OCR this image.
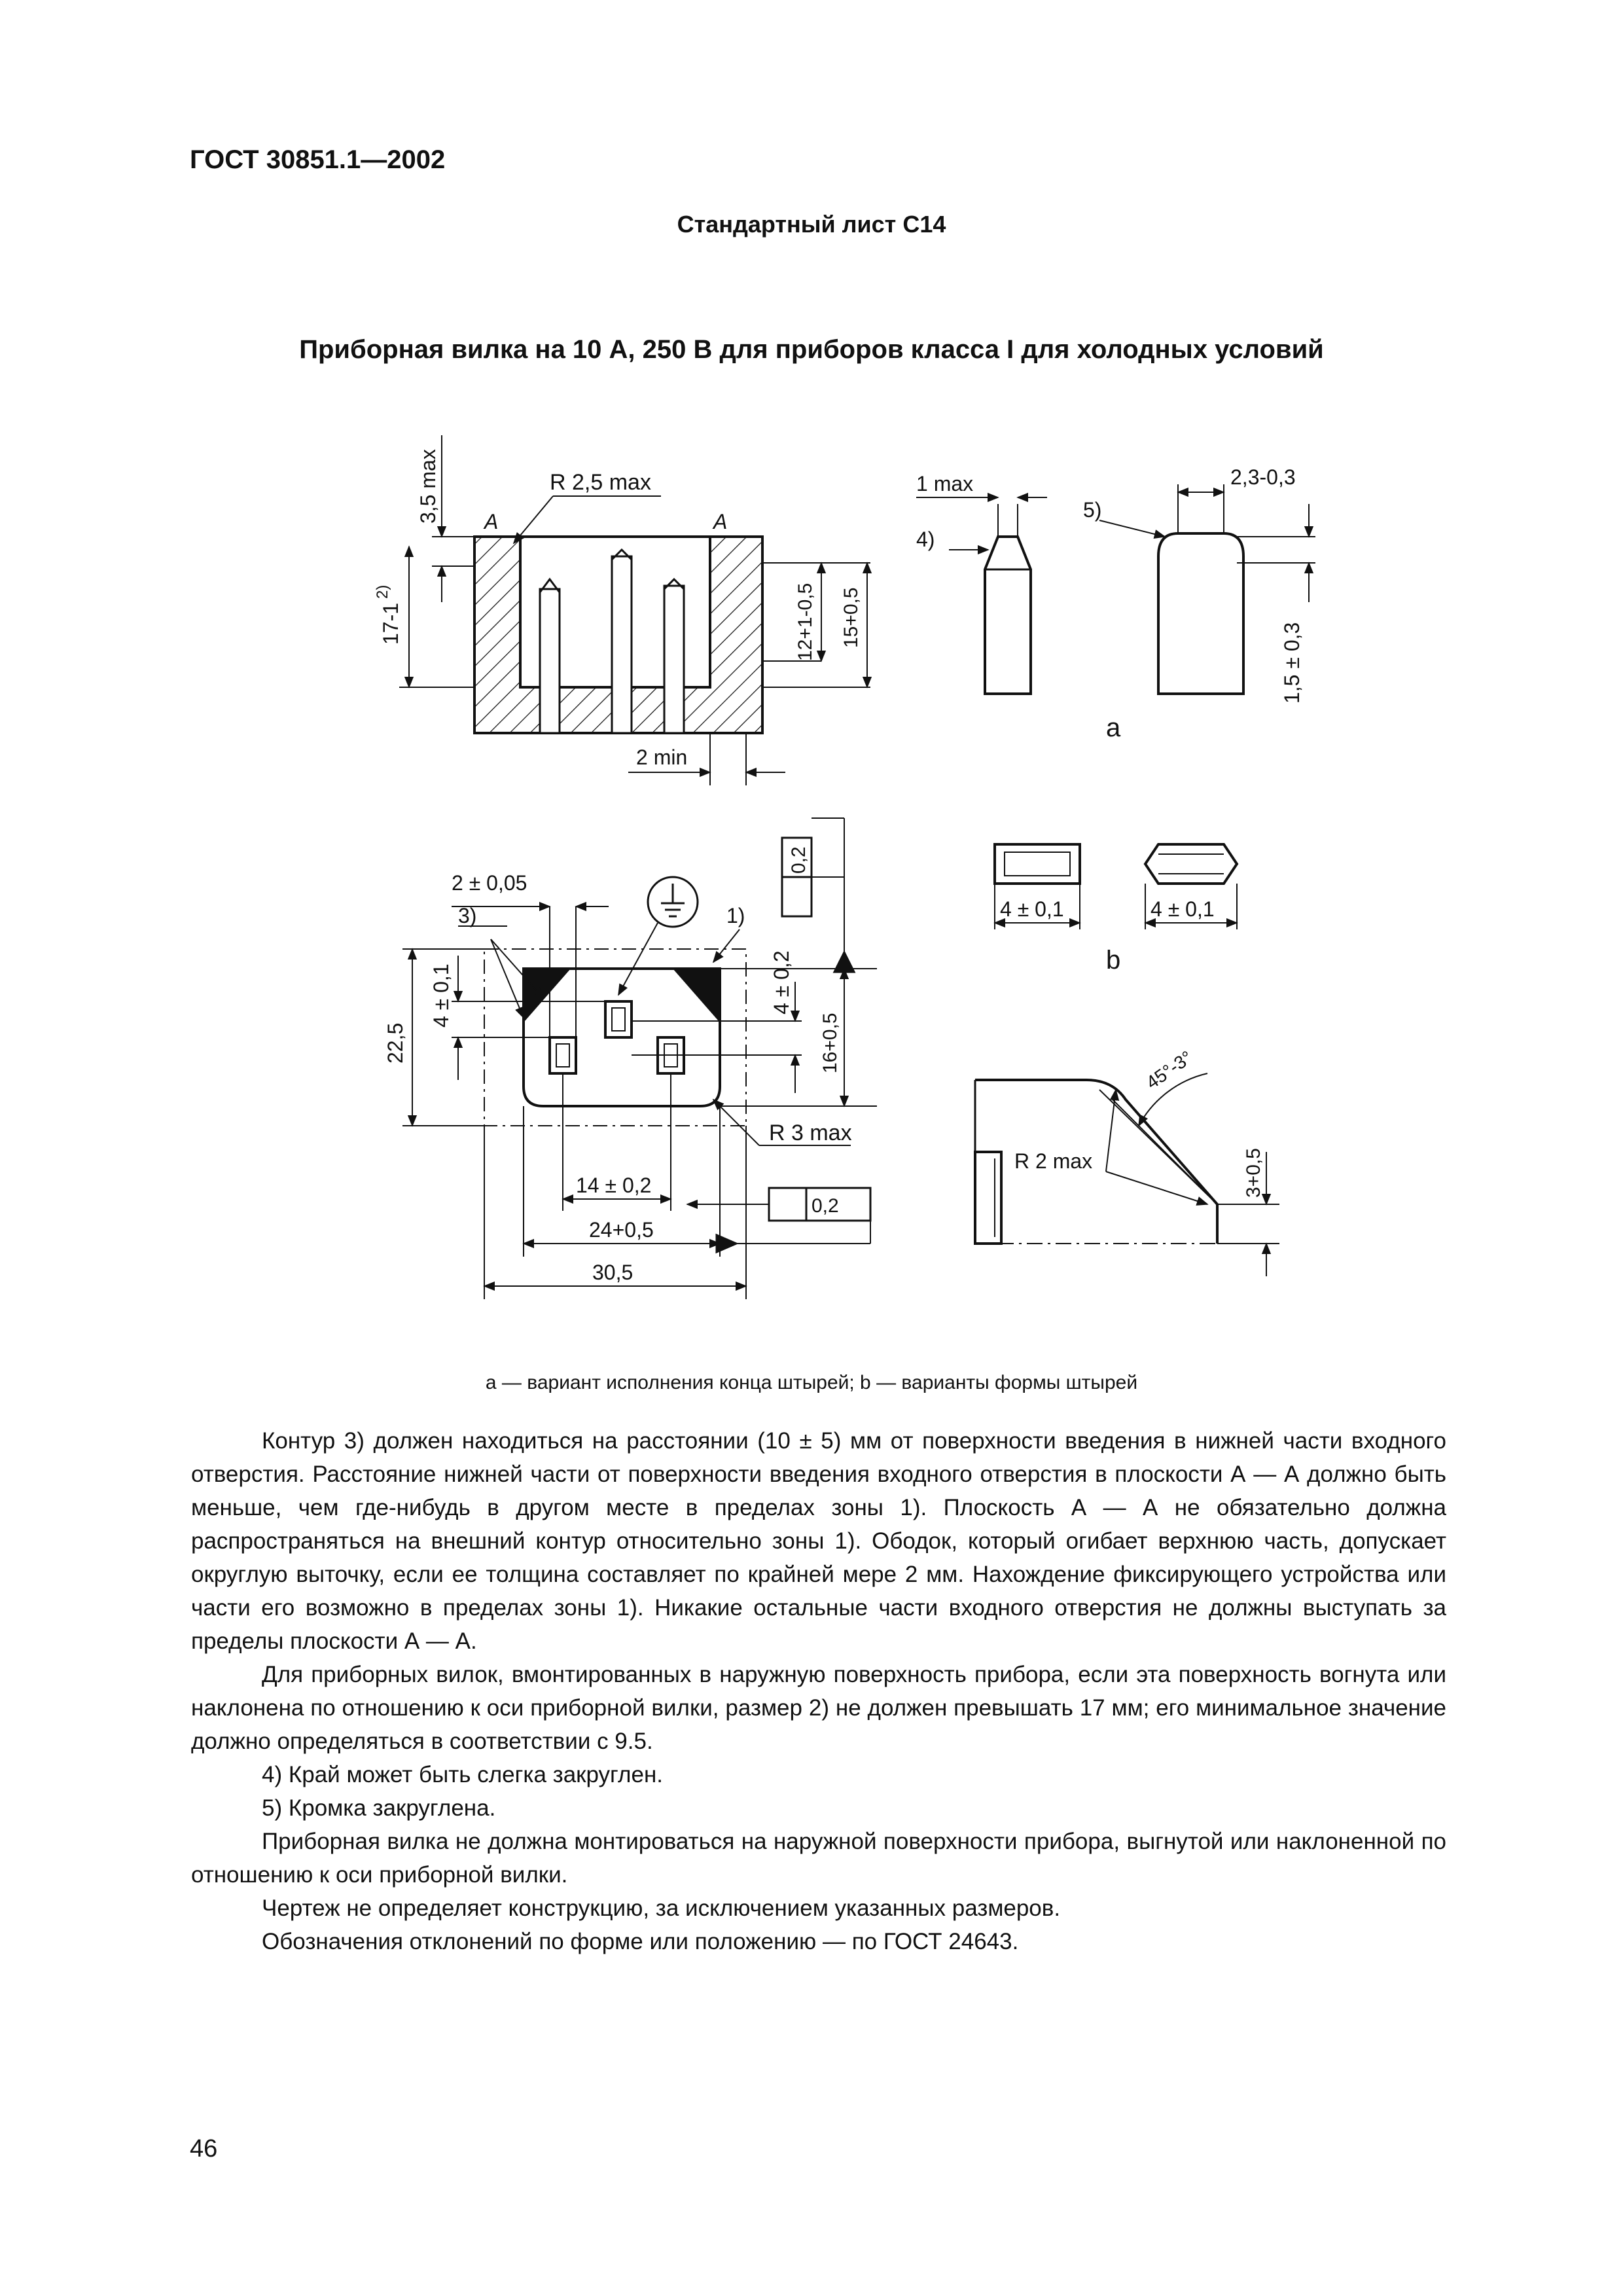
ГОСТ 30851.1—2002
Стандартный лист С14
Приборная вилка на 10 А, 250 В для приборов класса I для холодных условий
3,5 max	R 2,5 max
A	A
17-1
2)	12+1-0,5 15+0,5
2 min
1 max
4)
5)
2,3-0,3
1,5 ± 0,3
a
2 ± 0,05
3)	1)
0,2
4 ± 0,1
22,5
4 ± 0,2
16+0,5
R 3 max
14 ± 0,2
0,2
24+0,5
30,5
4 ± 0,1	4 ± 0,1
b
45°-3°
R 2 max	3+0,5
а — вариант исполнения конца штырей; b — варианты формы штырей

Контур 3) должен находиться на расстоянии (10 ± 5) мм от поверхности введения в нижней части входного отверстия. Расстояние нижней части от поверхности введения входного отверстия в плоскости А — А должно быть меньше, чем где-нибудь в другом месте в пределах зоны 1). Плоскость А — А не обязательно должна распространяться на внешний контур относительно зоны 1). Ободок, который огибает верхнюю часть, допускает округлую выточку, если ее толщина составляет по крайней мере 2 мм. Нахождение фиксирующего устройства или части его возможно в пределах зоны 1). Никакие остальные части входного отверстия не должны выступать за пределы плоскости А — А.

Для приборных вилок, вмонтированных в наружную поверхность прибора, если эта поверхность вогнута или наклонена по отношению к оси приборной вилки, размер 2) не должен превышать 17 мм; его минимальное значение должно определяться в соответствии с 9.5.

4) Край может быть слегка закруглен.

5) Кромка закруглена.

Приборная вилка не должна монтироваться на наружной поверхности прибора, выгнутой или наклоненной по отношению к оси приборной вилки.

Чертеж не определяет конструкцию, за исключением указанных размеров.

Обозначения отклонений по форме или положению — по ГОСТ 24643.

46
